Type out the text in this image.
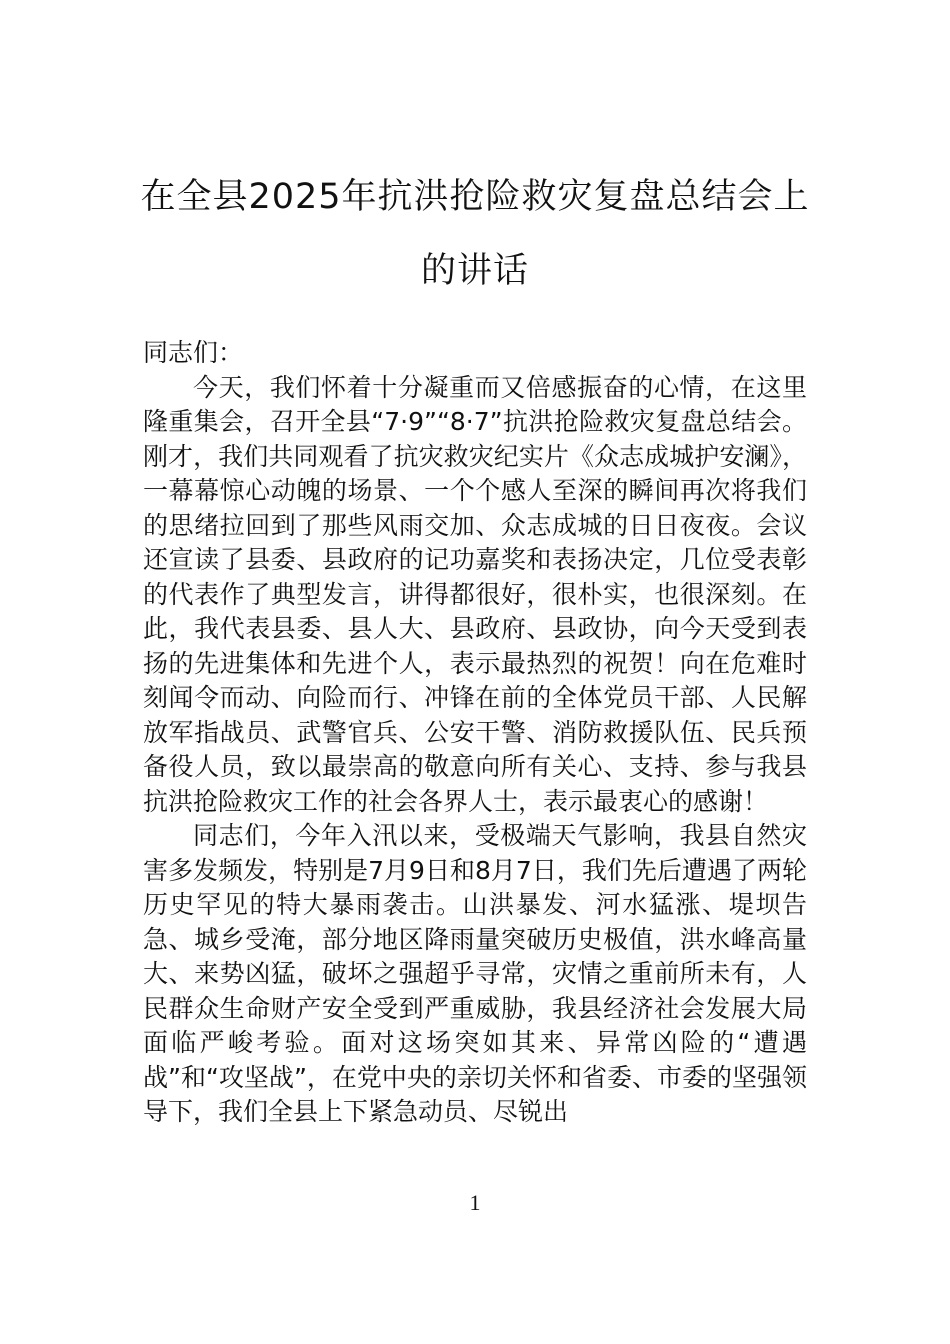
在全县2025年抗洪抢险救灾复盘总结会上的讲话

同志们：

今天，我们怀着十分凝重而又倍感振奋的心情，在这里隆重集会，召开全县“7·9”“8·7”抗洪抢险救灾复盘总结会。刚才，我们共同观看了抗灾救灾纪实片《众志成城护安澜》，一幕幕惊心动魄的场景、一个个感人至深的瞬间再次将我们的思绪拉回到了那些风雨交加、众志成城的日日夜夜。会议还宣读了县委、县政府的记功嘉奖和表扬决定，几位受表彰的代表作了典型发言，讲得都很好，很朴实，也很深刻。在此，我代表县委、县人大、县政府、县政协，向今天受到表扬的先进集体和先进个人，表示最热烈的祝贺！向在危难时刻闻令而动、向险而行、冲锋在前的全体党员干部、人民解放军指战员、武警官兵、公安干警、消防救援队伍、民兵预备役人员，致以最崇高的敬意向所有关心、支持、参与我县抗洪抢险救灾工作的社会各界人士，表示最衷心的感谢！

同志们，今年入汛以来，受极端天气影响，我县自然灾害多发频发，特别是7月9日和8月7日，我们先后遭遇了两轮历史罕见的特大暴雨袭击。山洪暴发、河水猛涨、堤坝告急、城乡受淹，部分地区降雨量突破历史极值，洪水峰高量大、来势凶猛，破坏之强超乎寻常，灾情之重前所未有，人民群众生命财产安全受到严重威胁，我县经济社会发展大局面临严峻考验。面对这场突如其来、异常凶险的“遭遇战”和“攻坚战”，在党中央的亲切关怀和省委、市委的坚强领导下，我们全县上下紧急动员、尽锐出

1
